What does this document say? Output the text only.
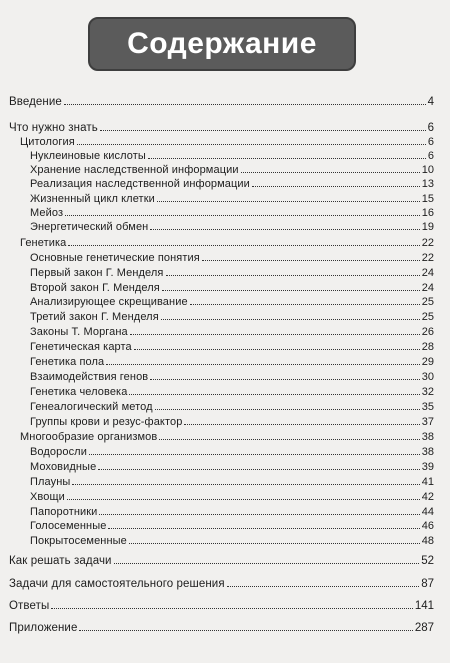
Содержание
Введение	4
Что нужно знать	6
Цитология	6
Нуклеиновые кислоты	6
Хранение наследственной информации	10
Реализация наследственной информации	13
Жизненный цикл клетки	15
Мейоз	16
Энергетический обмен	19
Генетика	22
Основные генетические понятия	22
Первый закон Г. Менделя	24
Второй закон Г. Менделя	24
Анализирующее скрещивание	25
Третий закон Г. Менделя	25
Законы Т. Моргана	26
Генетическая карта	28
Генетика пола	29
Взаимодействия генов	30
Генетика человека	32
Генеалогический метод	35
Группы крови и резус-фактор	37
Многообразие организмов	38
Водоросли	38
Моховидные	39
Плауны	41
Хвощи	42
Папоротники	44
Голосеменные	46
Покрытосеменные	48
Как решать задачи	52
Задачи для самостоятельного решения	87
Ответы	141
Приложение	287
